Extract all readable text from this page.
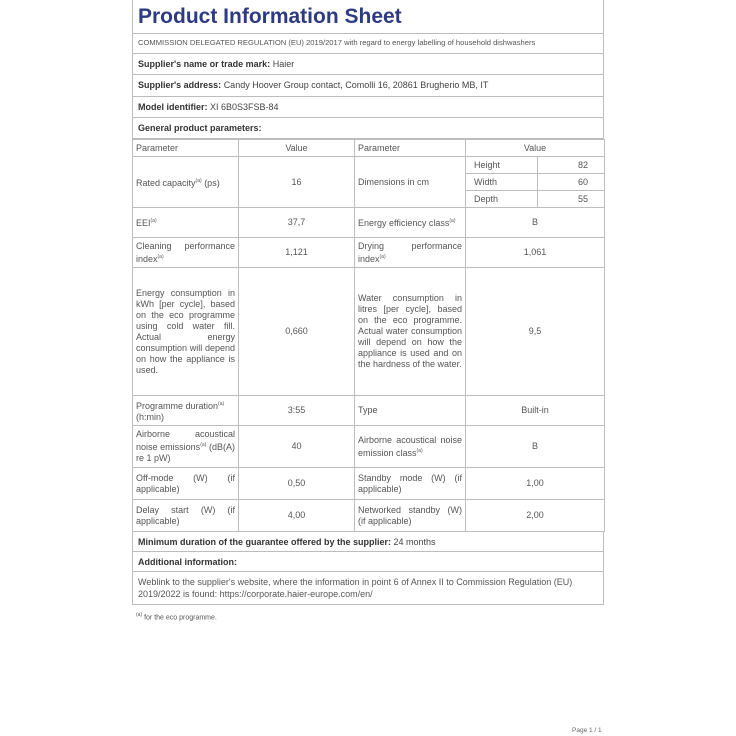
Product Information Sheet
COMMISSION DELEGATED REGULATION (EU) 2019/2017 with regard to energy labelling of household dishwashers
Supplier's name or trade mark: Haier
Supplier's address: Candy Hoover Group contact, Comolli 16, 20861 Brugherio MB, IT
Model identifier: XI 6B0S3FSB-84
General product parameters:
Parameter	Value	Parameter	Value
Rated capacity$^{(a)}$ (ps)	16	Dimensions in cm	
Height	82
Width	60
Depth	55

EEI$^{(a)}$	37,7	Energy efficiency class$^{(a)}$	B
Cleaning performance index$^{(a)}$	1,121	Drying performance index$^{(a)}$	1,061
Energy consumption in kWh [per cycle], based on the eco programme using cold water fill. Actual energy consumption will depend on how the appliance is used.	0,660	Water consumption in litres [per cycle], based on the eco programme. Actual water consumption will depend on how the appliance is used and on the hardness of the water.	9,5
Programme duration$^{(a)}$
(h:min)	3:55	Type	Built-in
Airborne acoustical noise emissions$^{(a)}$ (dB(A) re 1 pW)	40	Airborne acoustical noise emission class$^{(a)}$	B
Off-mode (W) (if applicable)	0,50	Standby mode (W) (if applicable)	1,00
Delay start (W) (if applicable)	4,00	Networked standby (W) (if applicable)	2,00
Minimum duration of the guarantee offered by the supplier: 24 months
Additional information:
Weblink to the supplier's website, where the information in point 6 of Annex II to Commission Regulation (EU) 2019/2022 is found: https://corporate.haier-europe.com/en/
$^{(a)}$ for the eco programme.
Page 1 / 1
